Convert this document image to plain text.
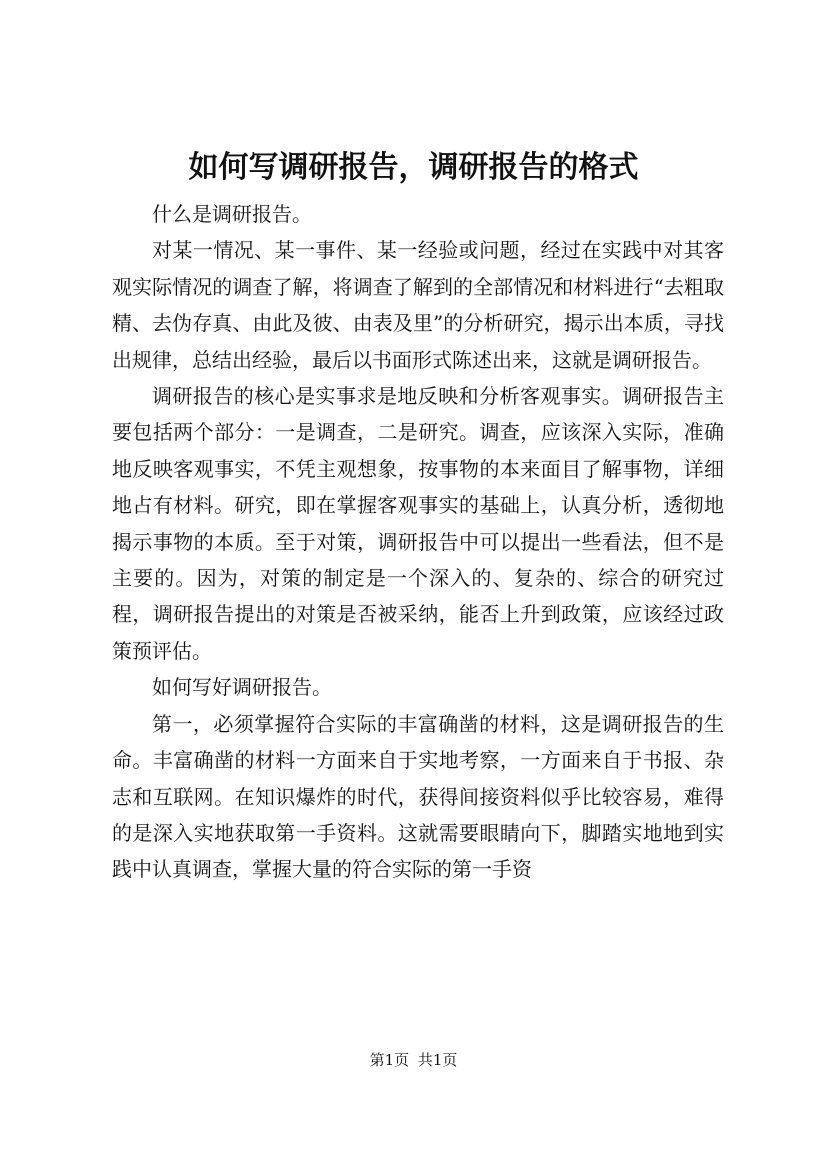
如何写调研报告，调研报告的格式

什么是调研报告。

对某一情况、某一事件、某一经验或问题，经过在实践中对其客观实际情况的调查了解，将调查了解到的全部情况和材料进行“去粗取精、去伪存真、由此及彼、由表及里”的分析研究，揭示出本质，寻找出规律，总结出经验，最后以书面形式陈述出来，这就是调研报告。

调研报告的核心是实事求是地反映和分析客观事实。调研报告主要包括两个部分：一是调查，二是研究。调查，应该深入实际，准确地反映客观事实，不凭主观想象，按事物的本来面目了解事物，详细地占有材料。研究，即在掌握客观事实的基础上，认真分析，透彻地揭示事物的本质。至于对策，调研报告中可以提出一些看法，但不是主要的。因为，对策的制定是一个深入的、复杂的、综合的研究过程，调研报告提出的对策是否被采纳，能否上升到政策，应该经过政策预评估。

如何写好调研报告。

第一，必须掌握符合实际的丰富确凿的材料，这是调研报告的生命。丰富确凿的材料一方面来自于实地考察，一方面来自于书报、杂志和互联网。在知识爆炸的时代，获得间接资料似乎比较容易，难得的是深入实地获取第一手资料。这就需要眼睛向下，脚踏实地地到实践中认真调查，掌握大量的符合实际的第一手资

第1页 共1页
